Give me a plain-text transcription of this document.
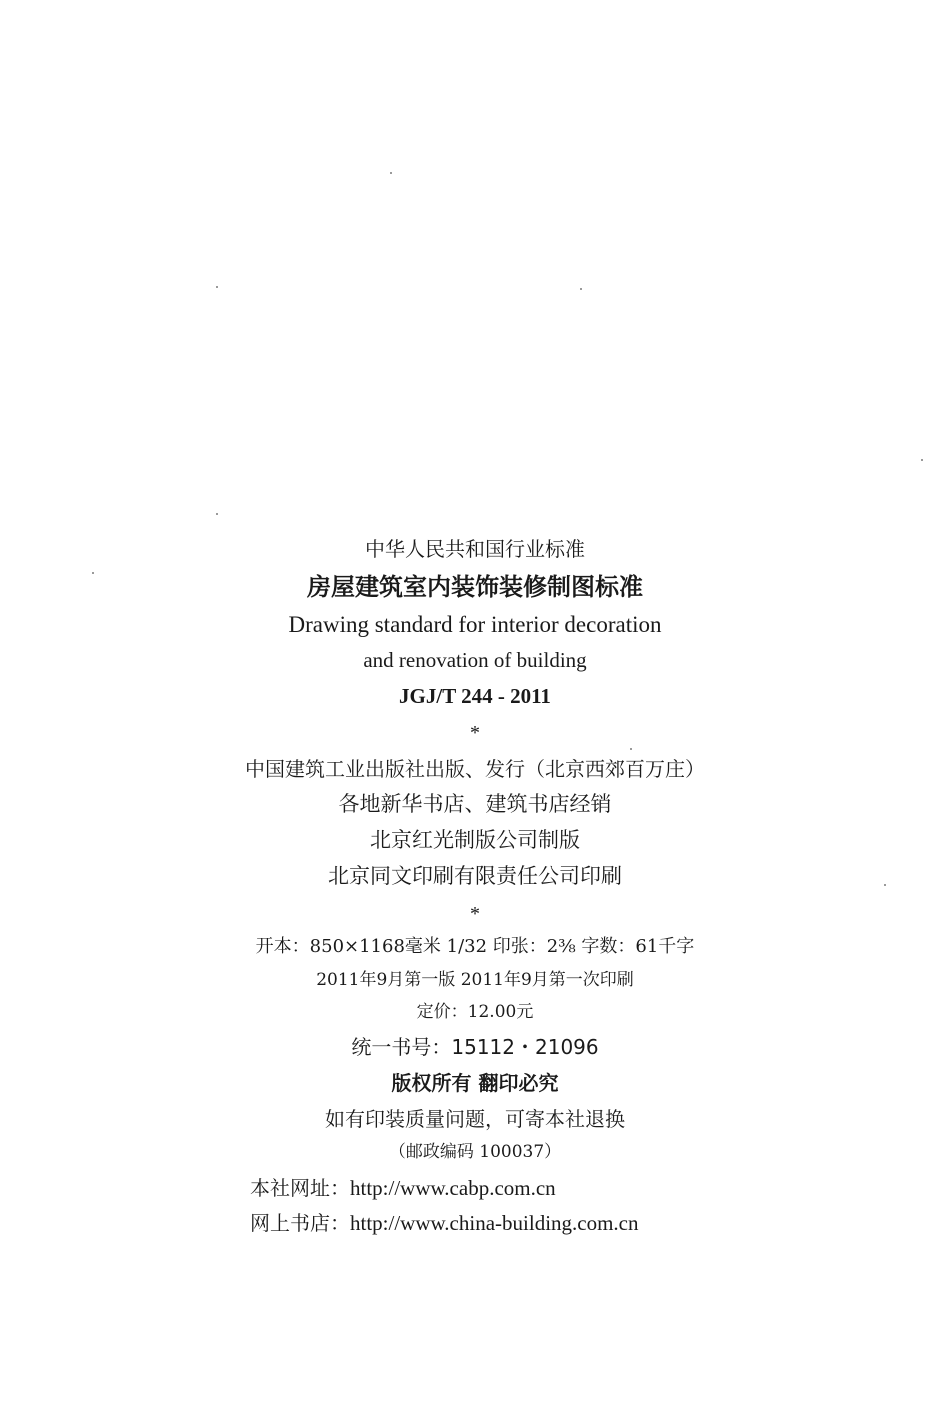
中华人民共和国行业标准
房屋建筑室内装饰装修制图标准
Drawing standard for interior decoration
and renovation of building
JGJ/T 244 - 2011
*
中国建筑工业出版社出版、发行（北京西郊百万庄）
各地新华书店、建筑书店经销
北京红光制版公司制版
北京同文印刷有限责任公司印刷
*
开本：850×1168毫米 1/32 印张：2⅜ 字数：61千字
2011年9月第一版 2011年9月第一次印刷
定价：12.00元
统一书号：15112・21096
版权所有 翻印必究
如有印装质量问题，可寄本社退换
（邮政编码 100037）
本社网址：http://www.cabp.com.cn
网上书店：http://www.china-building.com.cn
